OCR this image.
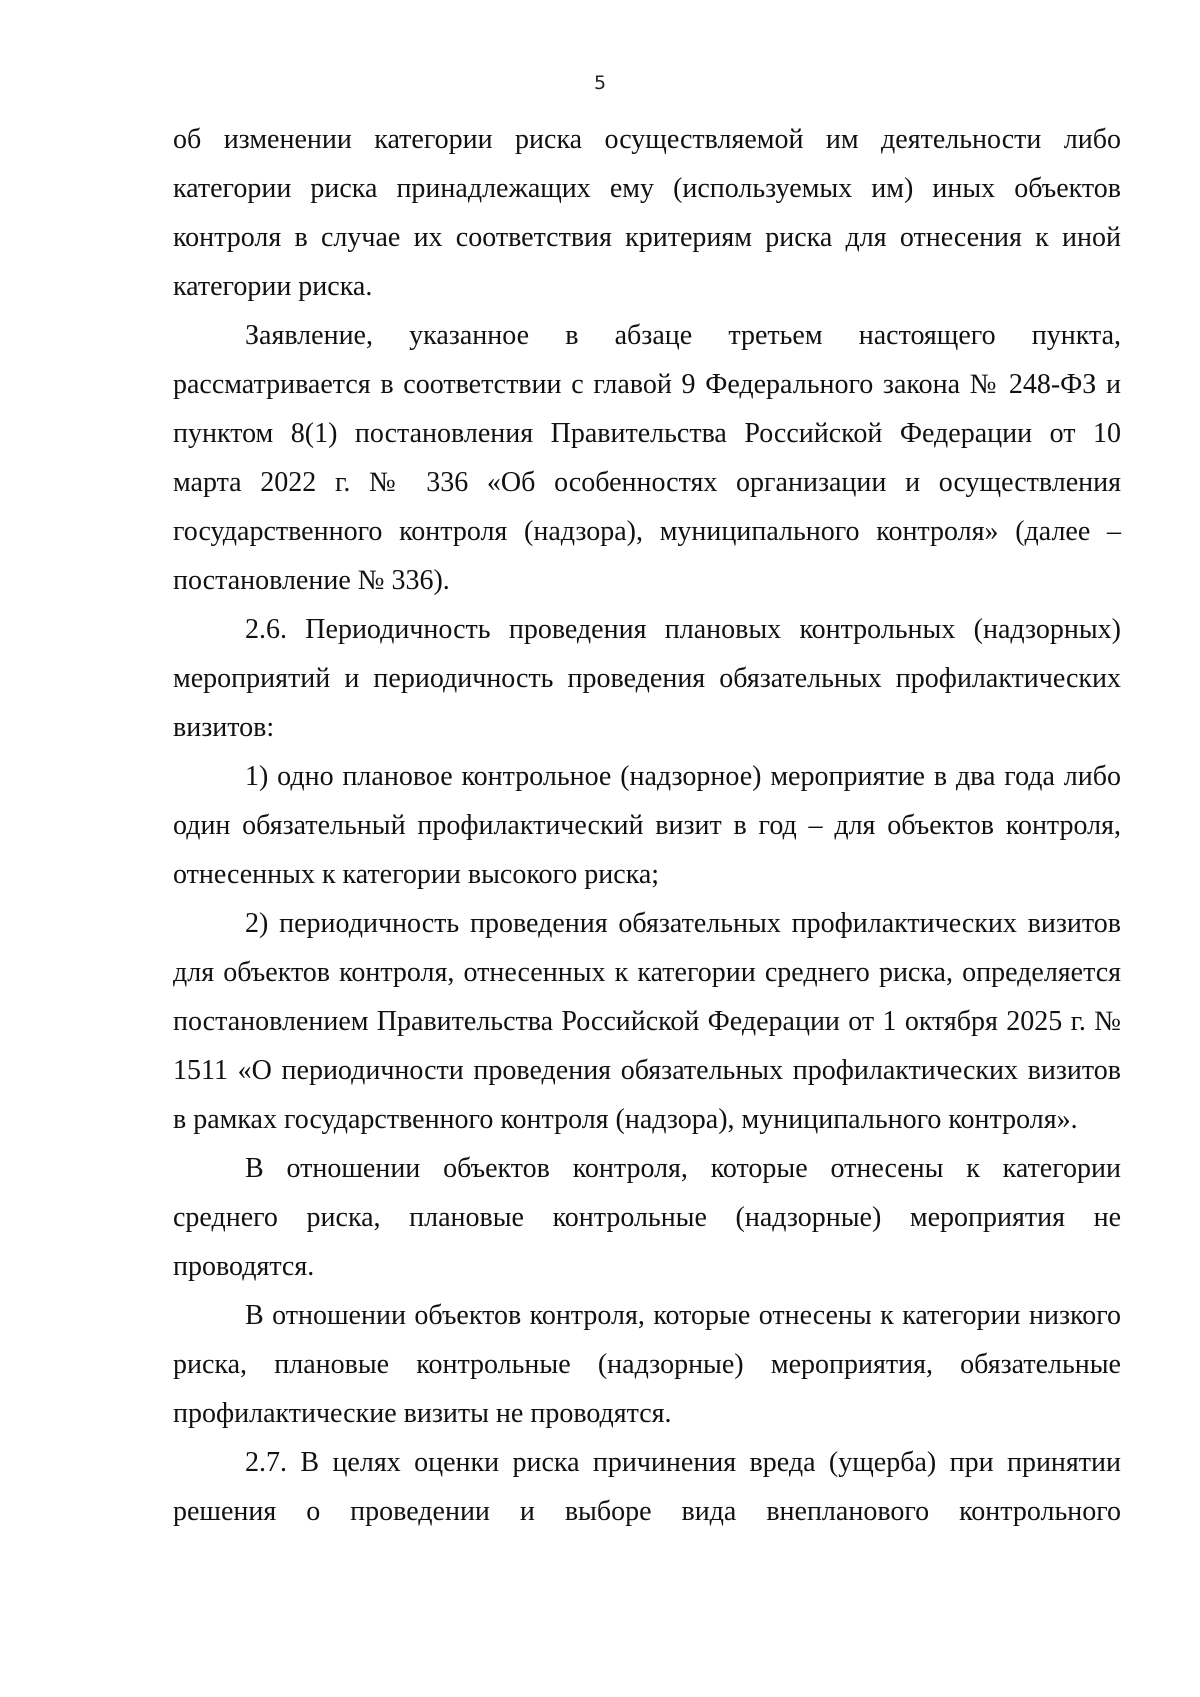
5

об изменении категории риска осуществляемой им деятельности либо категории риска принадлежащих ему (используемых им) иных объектов контроля в случае их соответствия критериям риска для отнесения к иной категории риска.

Заявление, указанное в абзаце третьем настоящего пункта, рассматривается в соответствии с главой 9 Федерального закона № 248-ФЗ и пунктом 8(1) постановления Правительства Российской Федерации от 10 марта 2022 г. № 336 «Об особенностях организации и осуществления государственного контроля (надзора), муниципального контроля» (далее – постановление № 336).

2.6. Периодичность проведения плановых контрольных (надзорных) мероприятий и периодичность проведения обязательных профилактических визитов:

1) одно плановое контрольное (надзорное) мероприятие в два года либо один обязательный профилактический визит в год – для объектов контроля, отнесенных к категории высокого риска;

2) периодичность проведения обязательных профилактических визитов для объектов контроля, отнесенных к категории среднего риска, определяется постановлением Правительства Российской Федерации от 1 октября 2025 г. № 1511 «О периодичности проведения обязательных профилактических визитов в рамках государственного контроля (надзора), муниципального контроля».

В отношении объектов контроля, которые отнесены к категории среднего риска, плановые контрольные (надзорные) мероприятия не проводятся.

В отношении объектов контроля, которые отнесены к категории низкого риска, плановые контрольные (надзорные) мероприятия, обязательные профилактические визиты не проводятся.

2.7. В целях оценки риска причинения вреда (ущерба) при принятии решения о проведении и выборе вида внепланового контрольного
